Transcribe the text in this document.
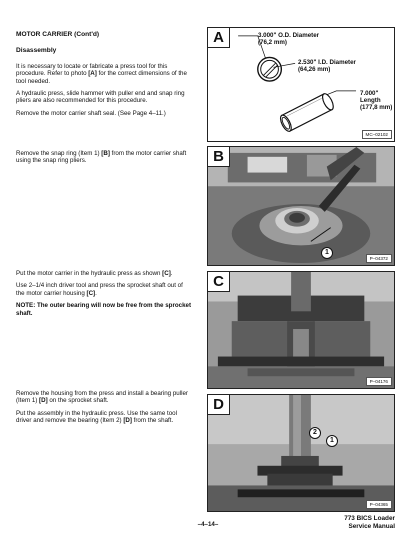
MOTOR CARRIER (Cont'd)

Disassembly

It is necessary to locate or fabricate a press tool for this procedure. Refer to photo [A] for the correct dimensions of the tool needed.

A hydraulic press, slide hammer with puller end and snap ring pliers are also recommended for this procedure.

Remove the motor carrier shaft seal. (See Page 4–11.)

Remove the snap ring (Item 1) [B] from the motor carrier shaft using the snap ring pliers.

Put the motor carrier in the hydraulic press as shown [C].

Use 2–1/4 inch driver tool and press the sprocket shaft out of the motor carrier housing [C].

NOTE: The outer bearing will now be free from the sprocket shaft.

Remove the housing from the press and install a bearing puller (Item 1) [D] on the sprocket shaft.

Put the assembly in the hydraulic press. Use the same tool driver and remove the bearing (Item 2) [D] from the shaft.

A	3.000" O.D. Diameter
(76,2 mm)
2.530" I.D. Diameter
(64,26 mm)
7.000"
Length
(177,8 mm)
MC–02102
B
1
P–04372
C
P–04176
D
2
1
P–04365
–4–14–
773 BICS Loader
Service Manual
